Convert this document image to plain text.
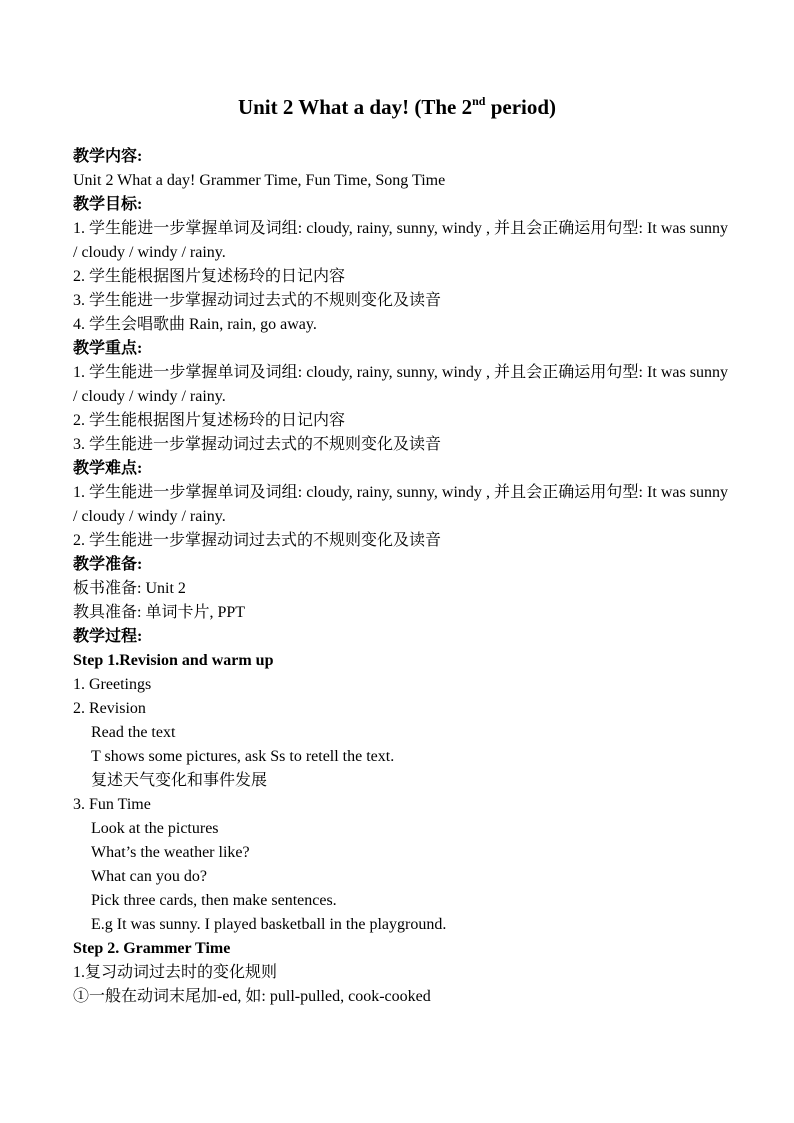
Unit 2 What a day! (The 2nd period)
教学内容:
Unit 2 What a day! Grammer Time, Fun Time, Song Time
教学目标:
1. 学生能进一步掌握单词及词组: cloudy, rainy, sunny, windy , 并且会正确运用句型: It was sunny / cloudy / windy / rainy.
2. 学生能根据图片复述杨玲的日记内容
3. 学生能进一步掌握动词过去式的不规则变化及读音
4. 学生会唱歌曲 Rain, rain, go away.
教学重点:
1. 学生能进一步掌握单词及词组: cloudy, rainy, sunny, windy , 并且会正确运用句型: It was sunny / cloudy / windy / rainy.
2. 学生能根据图片复述杨玲的日记内容
3. 学生能进一步掌握动词过去式的不规则变化及读音
教学难点:
1. 学生能进一步掌握单词及词组: cloudy, rainy, sunny, windy , 并且会正确运用句型: It was sunny / cloudy / windy / rainy.
2. 学生能进一步掌握动词过去式的不规则变化及读音
教学准备:
板书准备: Unit 2
教具准备: 单词卡片, PPT
教学过程:
Step 1.Revision and warm up
1. Greetings
2. Revision
Read the text
T shows some pictures, ask Ss to retell the text.
复述天气变化和事件发展
3. Fun Time
Look at the pictures
What’s the weather like?
What can you do?
Pick three cards, then make sentences.
E.g It was sunny. I played basketball in the playground.
Step 2. Grammer Time
1.复习动词过去时的变化规则
①一般在动词末尾加-ed, 如: pull-pulled, cook-cooked
